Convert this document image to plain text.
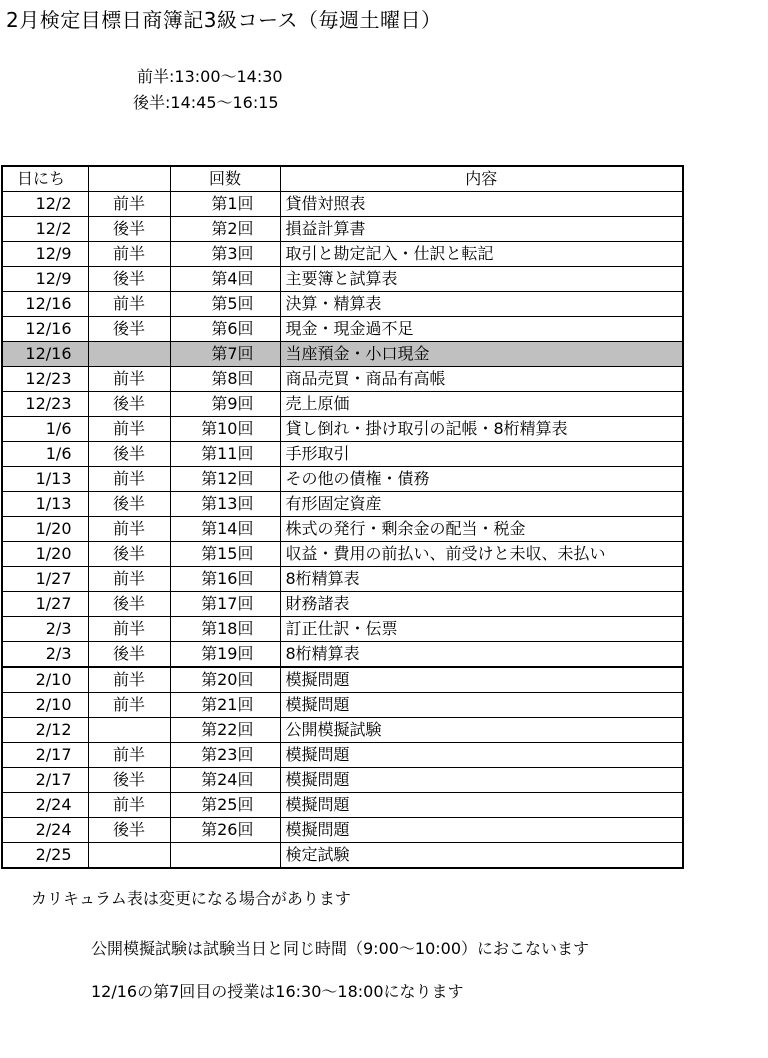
2月検定目標日商簿記3級コース（毎週土曜日）
前半:13:00～14:30
後半:14:45～16:15
日にち		回数	内容
12/2	前半	第1回	貸借対照表
12/2	後半	第2回	損益計算書
12/9	前半	第3回	取引と勘定記入・仕訳と転記
12/9	後半	第4回	主要簿と試算表
12/16	前半	第5回	決算・精算表
12/16	後半	第6回	現金・現金過不足
12/16		第7回	当座預金・小口現金
12/23	前半	第8回	商品売買・商品有高帳
12/23	後半	第9回	売上原価
1/6	前半	第10回	貸し倒れ・掛け取引の記帳・8桁精算表
1/6	後半	第11回	手形取引
1/13	前半	第12回	その他の債権・債務
1/13	後半	第13回	有形固定資産
1/20	前半	第14回	株式の発行・剰余金の配当・税金
1/20	後半	第15回	収益・費用の前払い、前受けと未収、未払い
1/27	前半	第16回	8桁精算表
1/27	後半	第17回	財務諸表
2/3	前半	第18回	訂正仕訳・伝票
2/3	後半	第19回	8桁精算表
2/10	前半	第20回	模擬問題
2/10	前半	第21回	模擬問題
2/12		第22回	公開模擬試験
2/17	前半	第23回	模擬問題
2/17	後半	第24回	模擬問題
2/24	前半	第25回	模擬問題
2/24	後半	第26回	模擬問題
2/25			検定試験
カリキュラム表は変更になる場合があります
公開模擬試験は試験当日と同じ時間（9:00～10:00）におこないます
12/16の第7回目の授業は16:30～18:00になります
